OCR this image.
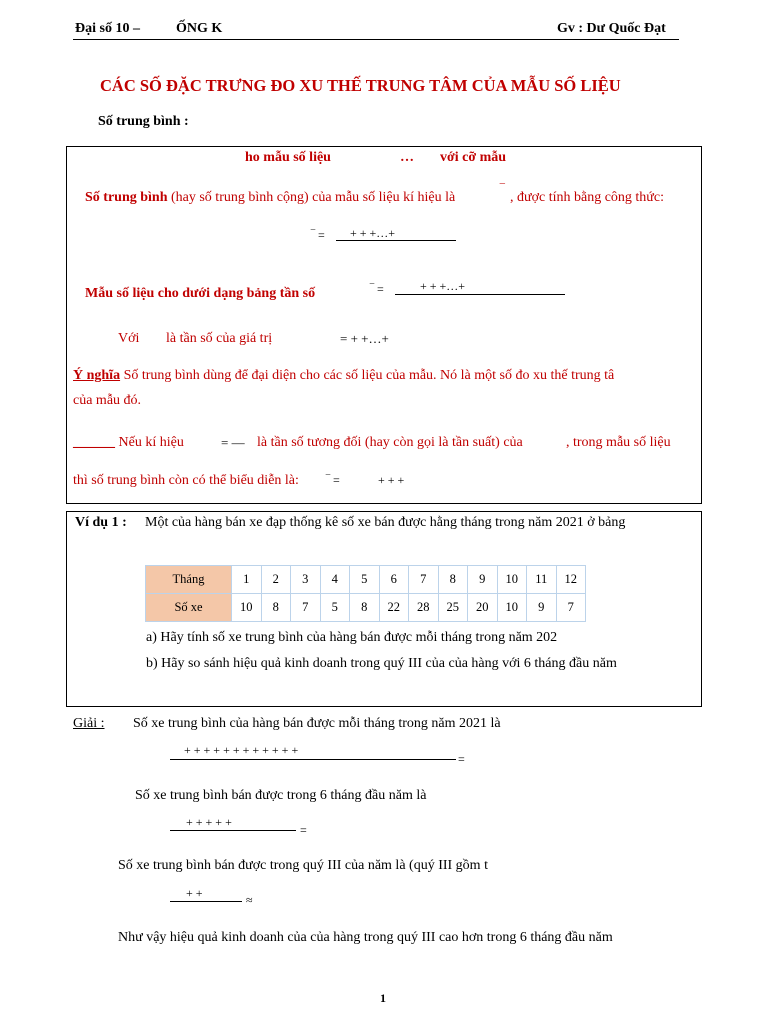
Đại số 10 –	ỐNG K	Gv : Dư Quốc Đạt
CÁC SỐ ĐẶC TRƯNG ĐO XU THẾ TRUNG TÂM CỦA MẪU SỐ LIỆU
Số trung bình :
ho mẫu số liệu	… với cỡ mẫu
Số trung bình (hay số trung bình cộng) của mẫu số liệu kí hiệu là	‾ , được tính bằng công thức:
‾ = + + +…+
Mẫu số liệu cho dưới dạng bảng tần số	‾ =	+ + +…+
Với là tần số của giá trị	= + +…+
Ý nghĩa Số trung bình dùng để đại diện cho các số liệu của mẫu. Nó là một số đo xu thế trung tâ
của mẫu đó.
______ Nếu kí hiệu	= — là tần số tương đối (hay còn gọi là tần suất) của	, trong mẫu số liệu
thì số trung bình còn có thể biểu diễn là: ‾ =	+ + +
Ví dụ 1 : Một của hàng bán xe đạp thống kê số xe bán được hằng tháng trong năm 2021 ở bảng
Tháng	1	2	3	4	5	6	7	8	9	10	11	12
Số xe	10	8	7	5	8	22	28	25	20	10	9	7
a) Hãy tính số xe trung bình của hàng bán được mỗi tháng trong năm 202
b) Hãy so sánh hiệu quả kinh doanh trong quý III của của hàng với 6 tháng đầu năm
Giải : Số xe trung bình của hàng bán được mỗi tháng trong năm 2021 là
+ + + + + + + + + + + +
=
Số xe trung bình bán được trong 6 tháng đầu năm là
+ + + + +
=
Số xe trung bình bán được trong quý III của năm là (quý III gồm t
+ +	≈
Như vậy hiệu quả kinh doanh của của hàng trong quý III cao hơn trong 6 tháng đầu năm
1
